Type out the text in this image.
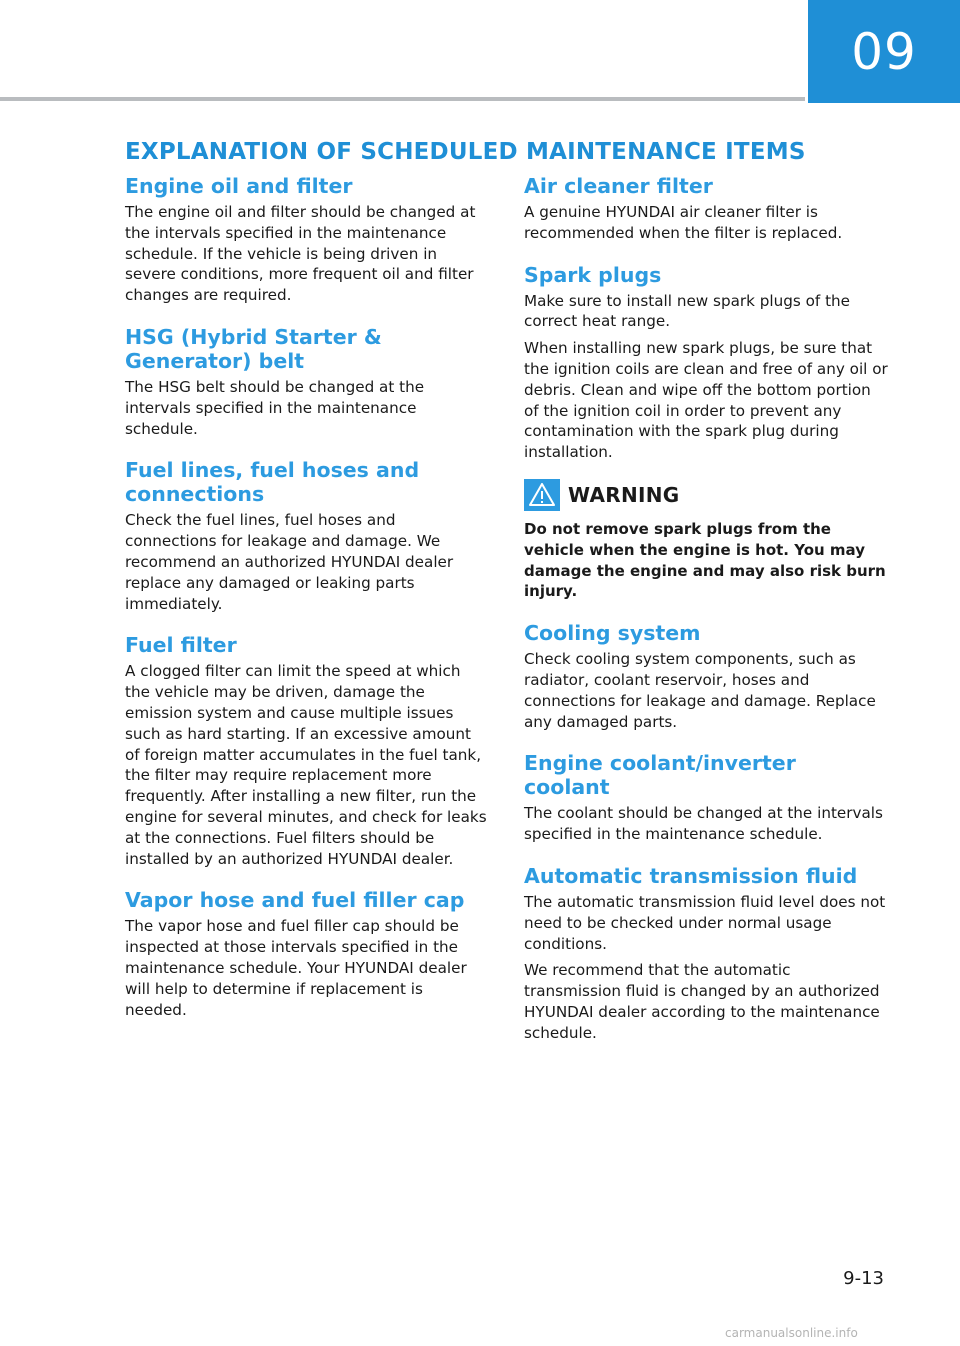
09
EXPLANATION OF SCHEDULED MAINTENANCE ITEMS
Engine oil and filter

The engine oil and filter should be changed at the intervals specified in the maintenance schedule. If the vehicle is being driven in severe conditions, more frequent oil and filter changes are required.

HSG (Hybrid Starter & Generator) belt

The HSG belt should be changed at the intervals specified in the maintenance schedule.

Fuel lines, fuel hoses and connections

Check the fuel lines, fuel hoses and connections for leakage and damage. We recommend an authorized HYUNDAI dealer replace any damaged or leaking parts immediately.

Fuel filter

A clogged filter can limit the speed at which the vehicle may be driven, damage the emission system and cause multiple issues such as hard starting. If an excessive amount of foreign matter accumulates in the fuel tank, the filter may require replacement more frequently. After installing a new filter, run the engine for several minutes, and check for leaks at the connections. Fuel filters should be installed by an authorized HYUNDAI dealer.

Vapor hose and fuel filler cap

The vapor hose and fuel filler cap should be inspected at those intervals specified in the maintenance schedule. Your HYUNDAI dealer will help to determine if replacement is needed.

Air cleaner filter

A genuine HYUNDAI air cleaner filter is recommended when the filter is replaced.

Spark plugs

Make sure to install new spark plugs of the correct heat range.

When installing new spark plugs, be sure that the ignition coils are clean and free of any oil or debris. Clean and wipe off the bottom portion of the ignition coil in order to prevent any contamination with the spark plug during installation.

WARNING

Do not remove spark plugs from the vehicle when the engine is hot. You may damage the engine and may also risk burn injury.

Cooling system

Check cooling system components, such as radiator, coolant reservoir, hoses and connections for leakage and damage. Replace any damaged parts.

Engine coolant/inverter coolant

The coolant should be changed at the intervals specified in the maintenance schedule.

Automatic transmission fluid

The automatic transmission fluid level does not need to be checked under normal usage conditions.

We recommend that the automatic transmission fluid is changed by an authorized HYUNDAI dealer according to the maintenance schedule.

9-13
carmanualsonline.info
